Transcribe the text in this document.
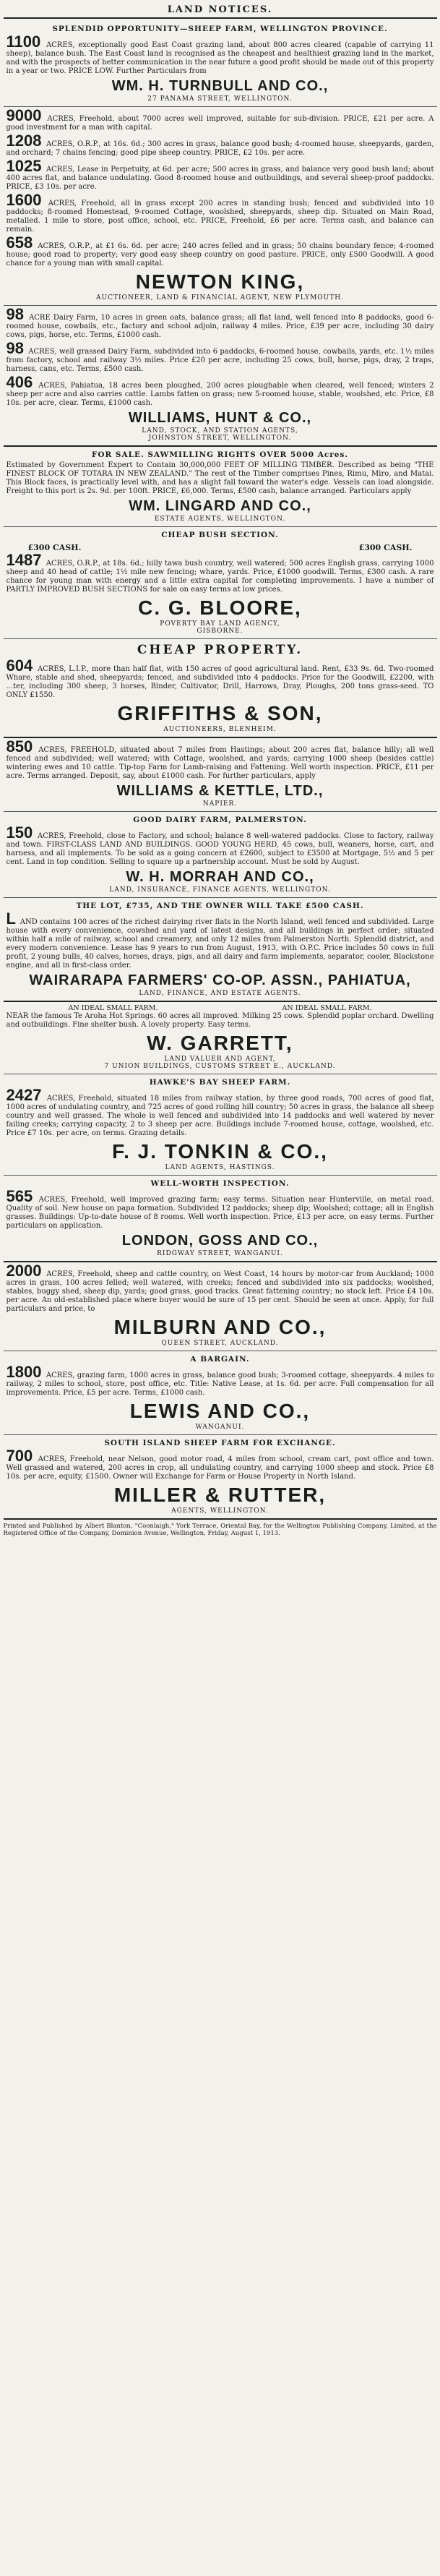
LAND NOTICES.
SPLENDID OPPORTUNITY—SHEEP FARM, WELLINGTON PROVINCE.

1100 ACRES, exceptionally good East Coast grazing land, about 800 acres cleared (capable of carrying 11 sheep), balance bush. The East Coast land is recognised as the cheapest and healthiest grazing land in the market, and with the prospects of better communication in the near future a good profit should be made out of this property in a year or two. PRICE LOW. Further Particulars from

WM. H. TURNBULL AND CO.,
27 PANAMA STREET, WELLINGTON.

9000 ACRES, Freehold, about 7000 acres well improved, suitable for sub-division. PRICE, £21 per acre. A good investment for a man with capital.

1208 ACRES, O.R.P., at 16s. 6d.; 300 acres in grass, balance good bush; 4-roomed house, sheepyards, garden, and orchard; 7 chains fencing; good pipe sheep country. PRICE, £2 10s. per acre.

1025 ACRES, Lease in Perpetuity, at 6d. per acre; 500 acres in grass, and balance very good bush land; about 400 acres flat, and balance undulating. Good 8-roomed house and outbuildings, and several sheep-proof paddocks. PRICE, £3 10s. per acre.

1600 ACRES, Freehold, all in grass except 200 acres in standing bush; fenced and subdivided into 10 paddocks; 8-roomed Homestead, 9-roomed Cottage, woolshed, sheepyards, sheep dip. Situated on Main Road, metalled. 1 mile to store, post office, school, etc. PRICE, Freehold, £6 per acre. Terms cash, and balance can remain.

658 ACRES, O.R.P., at £1 6s. 6d. per acre; 240 acres felled and in grass; 50 chains boundary fence; 4-roomed house; good road to property; very good easy sheep country on good pasture. PRICE, only £500 Goodwill. A good chance for a young man with small capital.

NEWTON KING,
AUCTIONEER, LAND & FINANCIAL AGENT, NEW PLYMOUTH.

98 ACRE Dairy Farm, 10 acres in green oats, balance grass; all flat land, well fenced into 8 paddocks, good 6-roomed house, cowbails, etc., factory and school adjoin, railway 4 miles. Price, £39 per acre, including 30 dairy cows, pigs, horse, etc. Terms, £1000 cash.

98 ACRES, well grassed Dairy Farm, subdivided into 6 paddocks, 6-roomed house, cowbails, yards, etc. 1½ miles from factory, school and railway 3½ miles. Price £20 per acre, including 25 cows, bull, horse, pigs, dray, 2 traps, harness, cans, etc. Terms, £500 cash.

406 ACRES, Pahiatua, 18 acres been ploughed, 200 acres ploughable when cleared, well fenced; winters 2 sheep per acre and also carries cattle. Lambs fatten on grass; new 5-roomed house, stable, woolshed, etc. Price, £8 10s. per acre, clear. Terms, £1000 cash.

WILLIAMS, HUNT & CO.,
LAND, STOCK, AND STATION AGENTS,
JOHNSTON STREET, WELLINGTON.
FOR SALE. SAWMILLING RIGHTS OVER 5000 Acres.

Estimated by Government Expert to Contain 30,000,000 FEET OF MILLING TIMBER. Described as being "THE FINEST BLOCK OF TOTARA IN NEW ZEALAND." The rest of the Timber comprises Pines, Rimu, Miro, and Matai. This Block faces, is practically level with, and has a slight fall toward the water's edge. Vessels can load alongside. Freight to this port is 2s. 9d. per 100ft. PRICE, £6,000. Terms, £500 cash, balance arranged. Particulars apply

WM. LINGARD AND CO.,
ESTATE AGENTS, WELLINGTON.
CHEAP BUSH SECTION.
£300 CASH.	£300 CASH.

1487 ACRES, O.R.P., at 18s. 6d.; hilly tawa bush country, well watered; 500 acres English grass, carrying 1000 sheep and 40 head of cattle; 1½ mile new fencing; whare, yards. Price, £1000 goodwill. Terms, £300 cash. A rare chance for young man with energy and a little extra capital for completing improvements. I have a number of PARTLY IMPROVED BUSH SECTIONS for sale on easy terms at low prices.

C. G. BLOORE,
POVERTY BAY LAND AGENCY,
GISBORNE.
CHEAP PROPERTY.

604 ACRES, L.I.P., more than half flat, with 150 acres of good agricultural land. Rent, £33 9s. 6d. Two-roomed Whare, stable and shed, sheepyards; fenced, and subdivided into 4 paddocks. Price for the Goodwill, £2200, with ...ter, including 300 sheep, 3 horses, Binder, Cultivator, Drill, Harrows, Dray, Ploughs, 200 tons grass-seed. TO ONLY £1550.

GRIFFITHS & SON,
AUCTIONEERS, BLENHEIM.

850 ACRES, FREEHOLD, situated about 7 miles from Hastings; about 200 acres flat, balance hilly; all well fenced and subdivided; well watered; with Cottage, woolshed, and yards; carrying 1000 sheep (besides cattle) wintering ewes and 10 cattle. Tip-top Farm for Lamb-raising and Fattening. Well worth inspection. PRICE, £11 per acre. Terms arranged. Deposit, say, about £1000 cash. For further particulars, apply

WILLIAMS & KETTLE, LTD.,
NAPIER.
GOOD DAIRY FARM, PALMERSTON.

150 ACRES, Freehold, close to Factory, and school; balance 8 well-watered paddocks. Close to factory, railway and town. FIRST-CLASS LAND AND BUILDINGS. GOOD YOUNG HERD, 45 cows, bull, weaners, horse, cart, and harness, and all implements. To be sold as a going concern at £2600, subject to £3500 at Mortgage, 5½ and 5 per cent. Land in top condition. Selling to square up a partnership account. Must be sold by August.

W. H. MORRAH AND CO.,
LAND, INSURANCE, FINANCE AGENTS, WELLINGTON.
THE LOT, £735, AND THE OWNER WILL TAKE £500 CASH.

L AND contains 100 acres of the richest dairying river flats in the North Island, well fenced and subdivided. Large house with every convenience, cowshed and yard of latest designs, and all buildings in perfect order; situated within half a mile of railway, school and creamery, and only 12 miles from Palmerston North. Splendid district, and every modern convenience. Lease has 9 years to run from August, 1913, with O.P.C. Price includes 50 cows in full profit, 2 young bulls, 40 calves, horses, drays, pigs, and all dairy and farm implements, separator, cooler, Blackstone engine, and all in first-class order.

WAIRARAPA FARMERS' CO-OP. ASSN., PAHIATUA,
LAND, FINANCE, AND ESTATE AGENTS.
AN IDEAL SMALL FARM.	AN IDEAL SMALL FARM.

NEAR the famous Te Aroha Hot Springs. 60 acres all improved. Milking 25 cows. Splendid poplar orchard. Dwelling and outbuildings. Fine shelter bush. A lovely property. Easy terms.

W. GARRETT,
LAND VALUER AND AGENT,
7 UNION BUILDINGS, CUSTOMS STREET E., AUCKLAND.
HAWKE'S BAY SHEEP FARM.

2427 ACRES, Freehold, situated 18 miles from railway station, by three good roads, 700 acres of good flat, 1000 acres of undulating country, and 725 acres of good rolling hill country; 50 acres in grass, the balance all sheep country and well grassed. The whole is well fenced and subdivided into 14 paddocks and well watered by never failing creeks; carrying capacity, 2 to 3 sheep per acre. Buildings include 7-roomed house, cottage, woolshed, etc. Price £7 10s. per acre, on terms. Grazing details.

F. J. TONKIN & CO.,
LAND AGENTS, HASTINGS.
WELL-WORTH INSPECTION.

565 ACRES, Freehold, well improved grazing farm; easy terms. Situation near Hunterville, on metal road. Quality of soil. New house on papa formation. Subdivided 12 paddocks; sheep dip; Woolshed; cottage; all in English grasses. Buildings: Up-to-date house of 8 rooms. Well worth inspection. Price, £13 per acre, on easy terms. Further particulars on application.

LONDON, GOSS AND CO.,
RIDGWAY STREET, WANGANUI.

2000 ACRES, Freehold, sheep and cattle country, on West Coast, 14 hours by motor-car from Auckland; 1000 acres in grass, 100 acres felled; well watered, with creeks; fenced and subdivided into six paddocks; woolshed, stables, buggy shed, sheep dip, yards; good grass, good tracks. Great fattening country; no stock left. Price £4 10s. per acre. An old-established place where buyer would be sure of 15 per cent. Should be seen at once. Apply, for full particulars and price, to

MILBURN AND CO.,
QUEEN STREET, AUCKLAND.
A BARGAIN.

1800 ACRES, grazing farm, 1000 acres in grass, balance good bush; 3-roomed cottage, sheepyards. 4 miles to railway, 2 miles to school, store, post office, etc. Title: Native Lease, at 1s. 6d. per acre. Full compensation for all improvements. Price, £5 per acre. Terms, £1000 cash.

LEWIS AND CO.,
WANGANUI.
SOUTH ISLAND SHEEP FARM FOR EXCHANGE.

700 ACRES, Freehold, near Nelson, good motor road, 4 miles from school, cream cart, post office and town. Well grassed and watered, 200 acres in crop, all undulating country, and carrying 1000 sheep and stock. Price £8 10s. per acre, equity, £1500. Owner will Exchange for Farm or House Property in North Island.

MILLER & RUTTER,
AGENTS, WELLINGTON.
Printed and Published by Albert Blanton, "Coonlaigh," York Terrace, Oriental Bay, for the Wellington Publishing Company, Limited, at the Registered Office of the Company, Dominion Avenue, Wellington, Friday, August 1, 1913.
